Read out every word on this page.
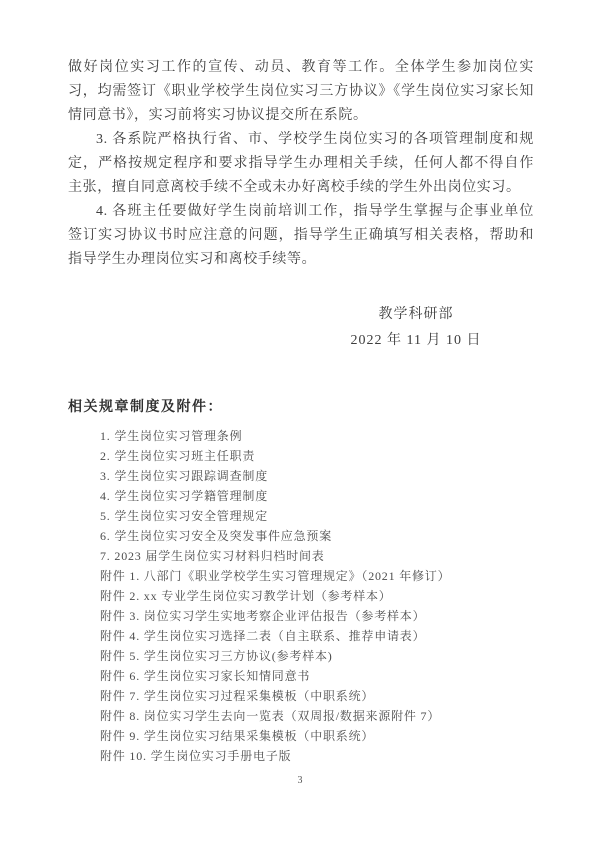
做好岗位实习工作的宣传、动员、教育等工作。全体学生参加岗位实习，均需签订《职业学校学生岗位实习三方协议》《学生岗位实习家长知情同意书》，实习前将实习协议提交所在系院。

3. 各系院严格执行省、市、学校学生岗位实习的各项管理制度和规定，严格按规定程序和要求指导学生办理相关手续，任何人都不得自作主张，擅自同意离校手续不全或未办好离校手续的学生外出岗位实习。

4. 各班主任要做好学生岗前培训工作，指导学生掌握与企事业单位签订实习协议书时应注意的问题，指导学生正确填写相关表格，帮助和指导学生办理岗位实习和离校手续等。

教学科研部
2022 年 11 月 10 日
相关规章制度及附件：
1. 学生岗位实习管理条例
2. 学生岗位实习班主任职责
3. 学生岗位实习跟踪调查制度
4. 学生岗位实习学籍管理制度
5. 学生岗位实习安全管理规定
6. 学生岗位实习安全及突发事件应急预案
7. 2023 届学生岗位实习材料归档时间表
附件 1. 八部门《职业学校学生实习管理规定》（2021 年修订）
附件 2. xx 专业学生岗位实习教学计划（参考样本）
附件 3. 岗位实习学生实地考察企业评估报告（参考样本）
附件 4. 学生岗位实习选择二表（自主联系、推荐申请表）
附件 5. 学生岗位实习三方协议(参考样本)
附件 6. 学生岗位实习家长知情同意书
附件 7. 学生岗位实习过程采集模板（中职系统）
附件 8. 岗位实习学生去向一览表（双周报/数据来源附件 7）
附件 9. 学生岗位实习结果采集模板（中职系统）
附件 10. 学生岗位实习手册电子版
3
